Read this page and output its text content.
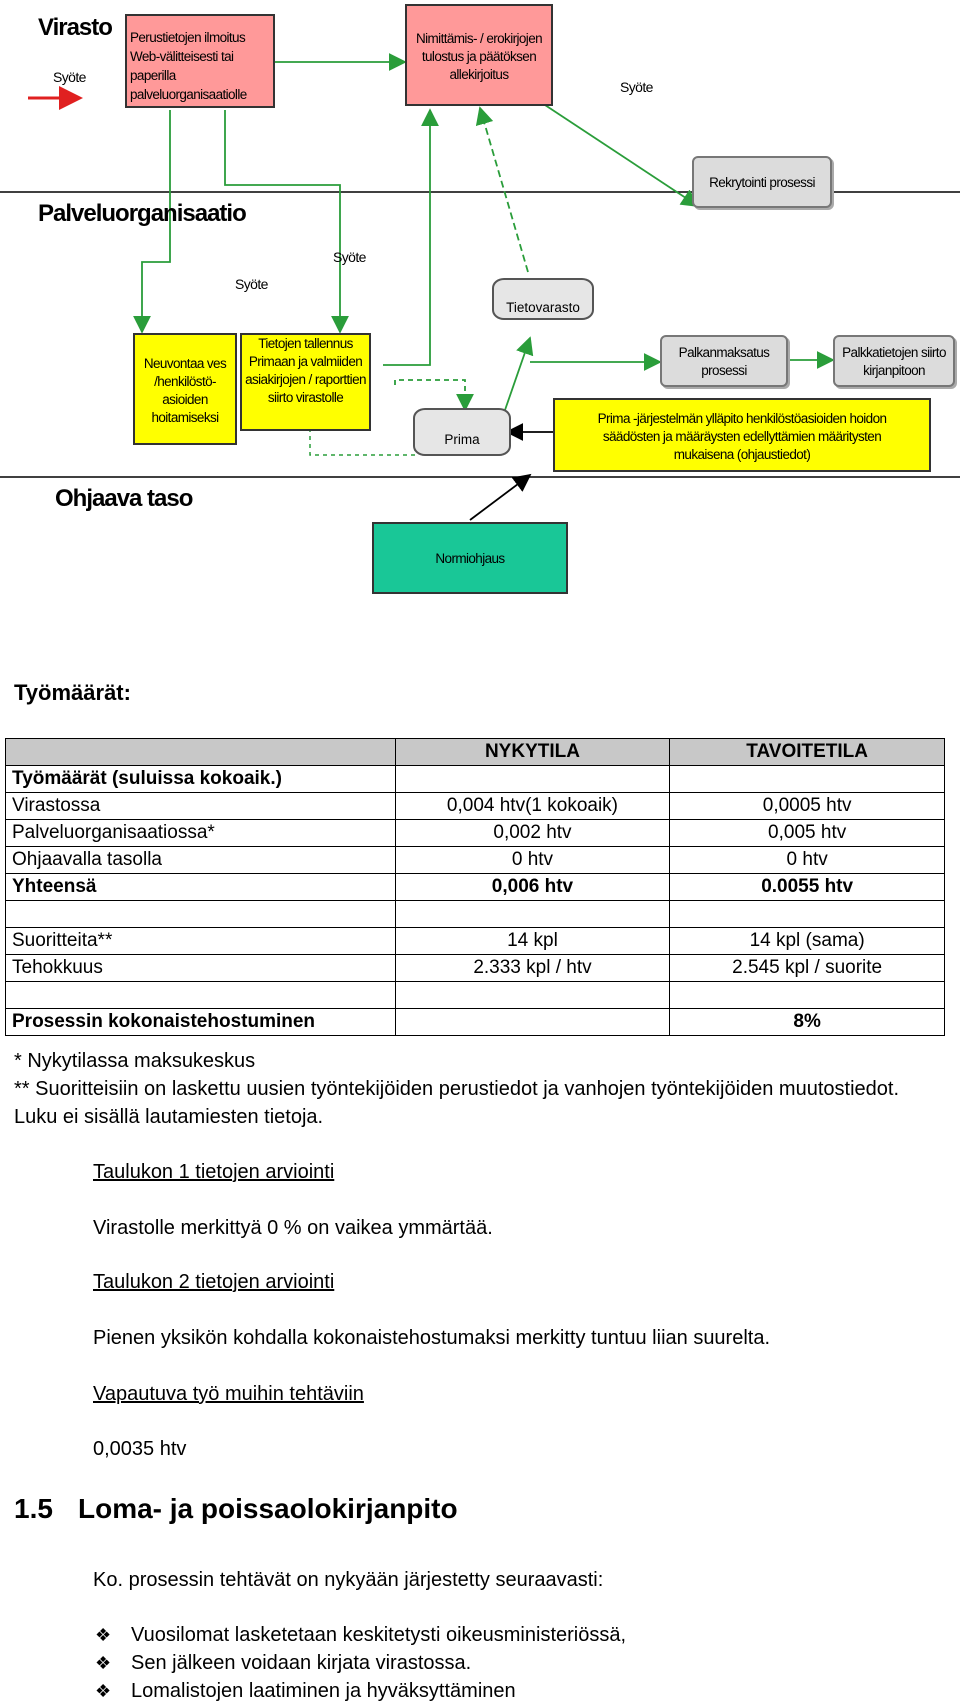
Virasto
Palveluorganisaatio
Ohjaava taso
Syöte
Syöte
Syöte
Syöte
Perustietojen ilmoitus Web-välitteisesti tai paperilla palveluorganisaatiolle
Nimittämis- / erokirjojen tulostus ja päätöksen allekirjoitus
Rekrytointi prosessi
Tietovarasto
Neuvontaa ves /henkilöstö-asioiden hoitamiseksi
Tietojen tallennus Primaan ja valmiiden asiakirjojen / raporttien siirto virastolle
Prima
Palkanmaksatus prosessi
Palkkatietojen siirto kirjanpitoon
Prima -järjestelmän ylläpito henkilöstöasioiden hoidon säädösten ja määräysten edellyttämien määritysten mukaisena (ohjaustiedot)
Normiohjaus
Työmäärät:
	NYKYTILA	TAVOITETILA
Työmäärät (suluissa kokoaik.)		
Virastossa	0,004 htv(1 kokoaik)	0,0005 htv
Palveluorganisaatiossa*	0,002 htv	0,005 htv
Ohjaavalla tasolla	0 htv	0 htv
Yhteensä	0,006 htv	0.0055 htv

Suoritteita**	14 kpl	14 kpl (sama)
Tehokkuus	2.333 kpl / htv	2.545 kpl / suorite

Prosessin kokonaistehostuminen		8%
* Nykytilassa maksukeskus
** Suoritteisiin on laskettu uusien työntekijöiden perustiedot ja vanhojen työntekijöiden muutostiedot. Luku ei sisällä lautamiesten tietoja.
Taulukon 1 tietojen arviointi
Virastolle merkittyä 0 % on vaikea ymmärtää.
Taulukon 2 tietojen arviointi
Pienen yksikön kohdalla kokonaistehostumaksi merkitty tuntuu liian suurelta.
Vapautuva työ muihin tehtäviin
0,0035 htv
1.5 Loma- ja poissaolokirjanpito
Ko. prosessin tehtävät on nykyään järjestetty seuraavasti:
❖ Vuosilomat lasketetaan keskitetysti oikeusministeriössä,
❖ Sen jälkeen voidaan kirjata virastossa.
❖ Lomalistojen laatiminen ja hyväksyttäminen
